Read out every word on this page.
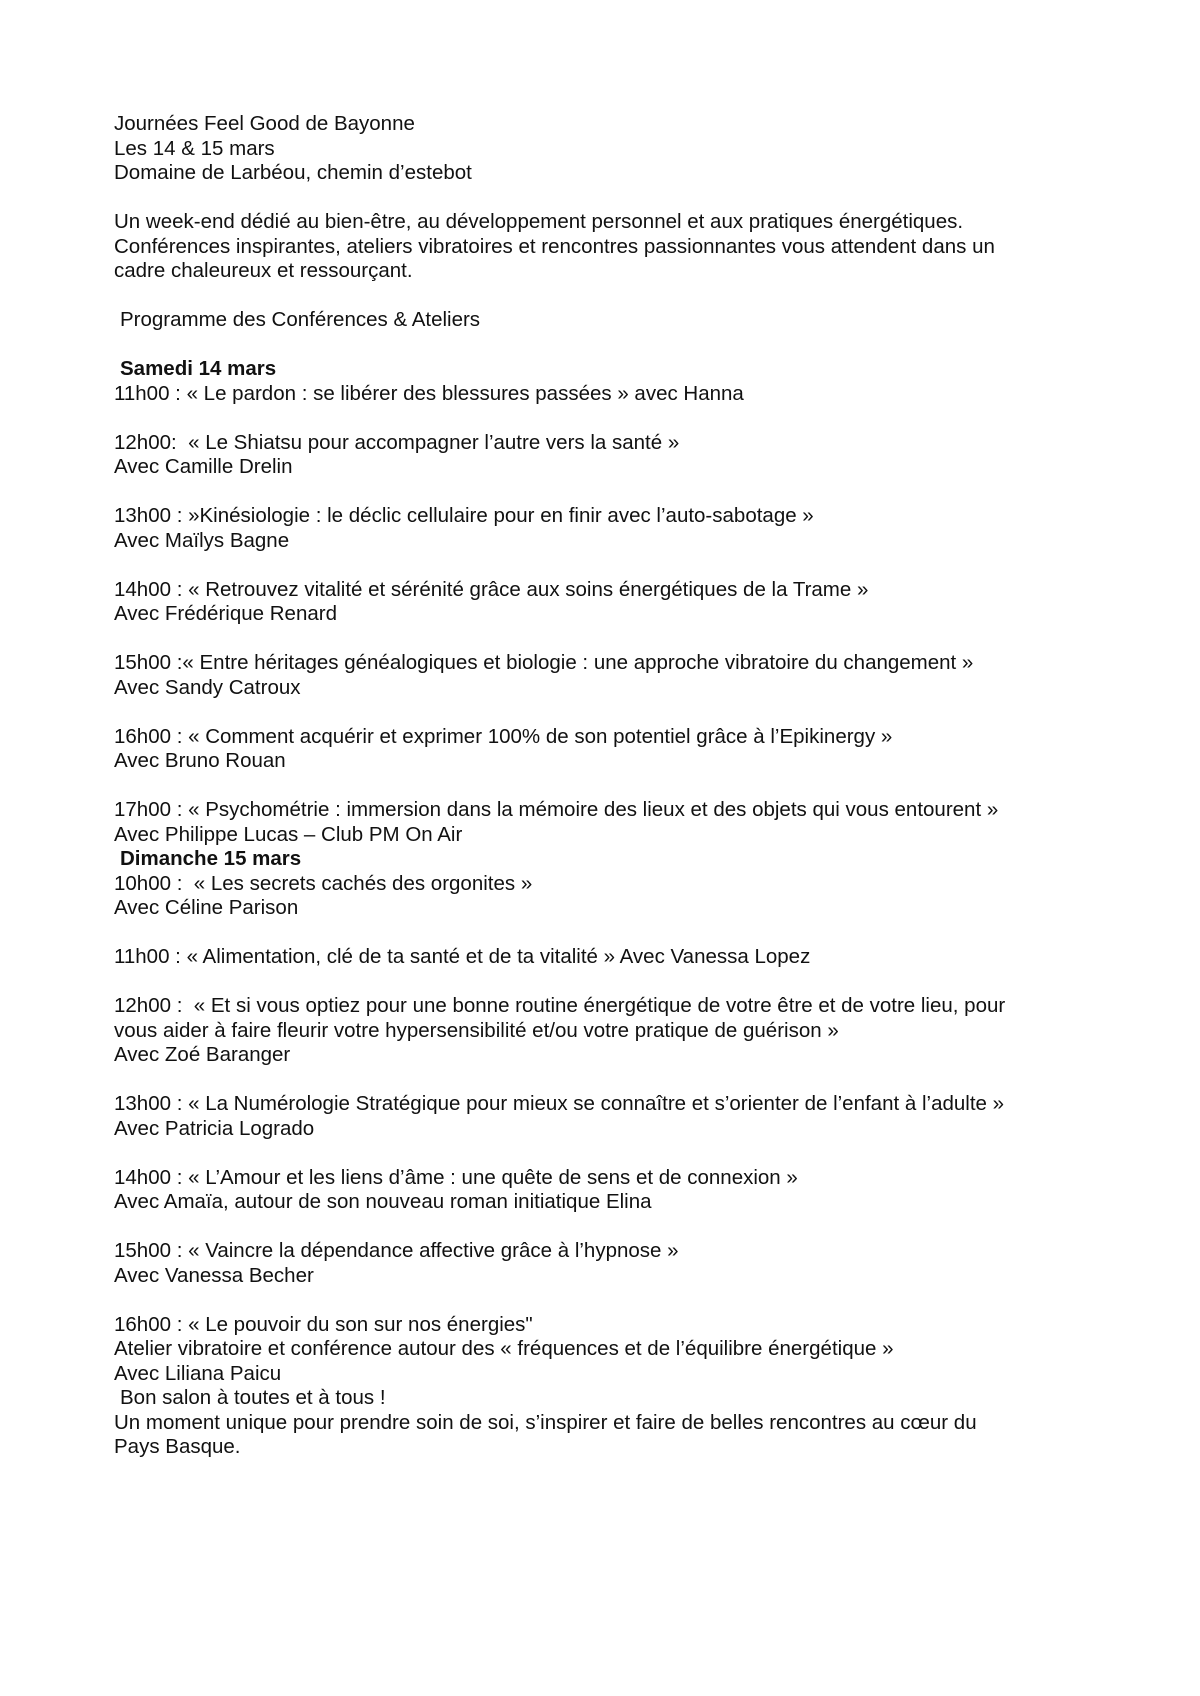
Journées Feel Good de Bayonne

Les 14 & 15 mars

Domaine de Larbéou, chemin d’estebot

Un week-end dédié au bien-être, au développement personnel et aux pratiques énergétiques.

Conférences inspirantes, ateliers vibratoires et rencontres passionnantes vous attendent dans un

cadre chaleureux et ressourçant.

Programme des Conférences & Ateliers

Samedi 14 mars

11h00 : « Le pardon : se libérer des blessures passées » avec Hanna

12h00:  « Le Shiatsu pour accompagner l’autre vers la santé »

Avec Camille Drelin

13h00 : »Kinésiologie : le déclic cellulaire pour en finir avec l’auto-sabotage »

Avec Maïlys Bagne

14h00 : « Retrouvez vitalité et sérénité grâce aux soins énergétiques de la Trame »

Avec Frédérique Renard

15h00 :« Entre héritages généalogiques et biologie : une approche vibratoire du changement »

Avec Sandy Catroux

16h00 : « Comment acquérir et exprimer 100% de son potentiel grâce à l’Epikinergy »

Avec Bruno Rouan

17h00 : « Psychométrie : immersion dans la mémoire des lieux et des objets qui vous entourent »

Avec Philippe Lucas – Club PM On Air

Dimanche 15 mars

10h00 :  « Les secrets cachés des orgonites »

Avec Céline Parison

11h00 : « Alimentation, clé de ta santé et de ta vitalité » Avec Vanessa Lopez

12h00 :  « Et si vous optiez pour une bonne routine énergétique de votre être et de votre lieu, pour

vous aider à faire fleurir votre hypersensibilité et/ou votre pratique de guérison »

Avec Zoé Baranger

13h00 : « La Numérologie Stratégique pour mieux se connaître et s’orienter de l’enfant à l’adulte »

Avec Patricia Lograd​o

14h00 : « L’Amour et les liens d’âme : une quête de sens et de connexion »

Avec Amaïa, autour de son nouveau roman initiatique Elina

15h00 : « Vaincre la dépendance affective grâce à l’hypnose »

Avec Vanessa Becher

16h00 : « Le pouvoir du son sur nos énergies"

Atelier vibratoire et conférence autour des « fréquences et de l’équilibre énergétique »

Avec Liliana Paicu

Bon salon à toutes et à tous !

Un moment unique pour prendre soin de soi, s’inspirer et faire de belles rencontres au cœur du

Pays Basque.
